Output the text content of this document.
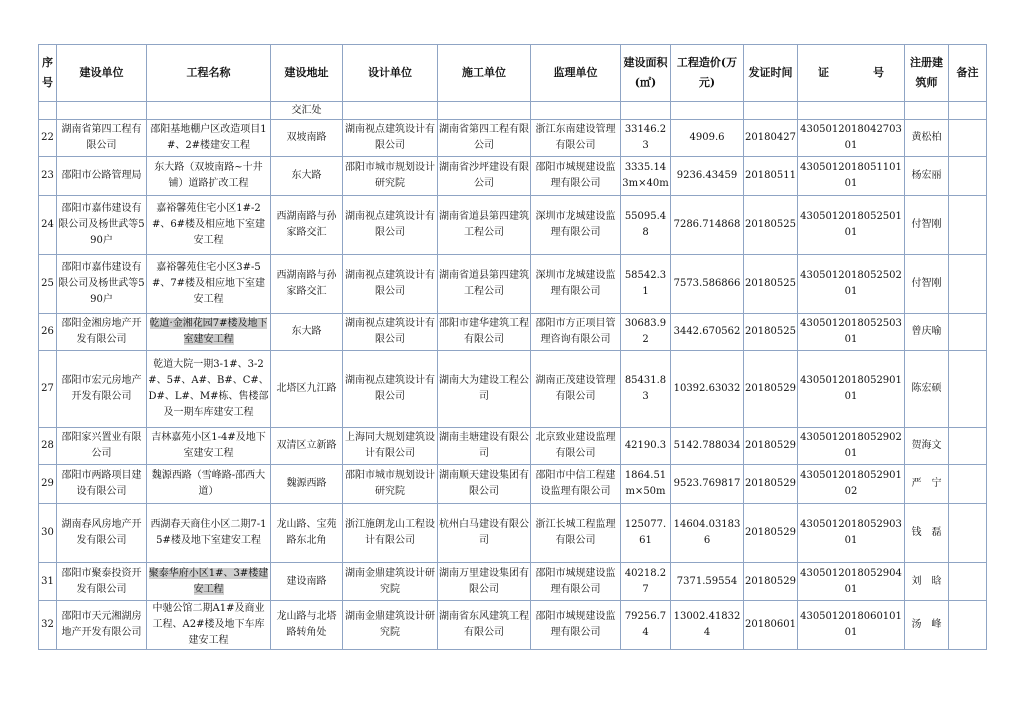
序号	建设单位	工程名称	建设地址	设计单位	施工单位	监理单位	建设面积(㎡)	工程造价(万元)	发证时间	证　　　　号	注册建筑师	备注
			交汇处									
22	湖南省第四工程有限公司	邵阳基地棚户区改造项目1#、2#楼建安工程	双坡南路	湖南视点建筑设计有限公司	湖南省第四工程有限公司	浙江东南建设管理有限公司	33146.23	4909.6	20180427	430501201804270301	黄松柏	
23	邵阳市公路管理局	东大路（双坡南路~十井铺）道路扩改工程	东大路	邵阳市城市规划设计研究院	湖南省沙坪建设有限公司	邵阳市城规建设监理有限公司	3335.143m×40m	9236.43459	20180511	430501201805110101	杨宏丽	
24	邵阳市嘉伟建设有限公司及杨世武等590户	嘉裕馨苑住宅小区1#-2#、6#楼及相应地下室建安工程	西湖南路与孙家路交汇	湖南视点建筑设计有限公司	湖南省道县第四建筑工程公司	深圳市龙城建设监理有限公司	55095.48	7286.714868	20180525	430501201805250101	付智刚	
25	邵阳市嘉伟建设有限公司及杨世武等590户	嘉裕馨苑住宅小区3#-5#、7#楼及相应地下室建安工程	西湖南路与孙家路交汇	湖南视点建筑设计有限公司	湖南省道县第四建筑工程公司	深圳市龙城建设监理有限公司	58542.31	7573.586866	20180525	430501201805250201	付智刚	
26	邵阳金湘房地产开发有限公司	乾道·金湘花园7#楼及地下室建安工程	东大路	湖南视点建筑设计有限公司	邵阳市建华建筑工程有限公司	邵阳市方正项目管理咨询有限公司	30683.92	3442.670562	20180525	430501201805250301	曾庆喻	
27	邵阳市宏元房地产开发有限公司	乾道大院一期3-1#、3-2#、5#、A#、B#、C#、D#、L#、M#栋、售楼部及一期车库建安工程	北塔区九江路	湖南视点建筑设计有限公司	湖南大为建设工程公司	湖南正茂建设管理有限公司	85431.83	10392.63032	20180529	430501201805290101	陈宏硕	
28	邵阳家兴置业有限公司	吉林嘉苑小区1-4#及地下室建安工程	双清区立新路	上海同大规划建筑设计有限公司	湖南圭塘建设有限公司	北京致业建设监理有限公司	42190.3	5142.788034	20180529	430501201805290201	贺海文	
29	邵阳市两路项目建设有限公司	魏源西路（雪峰路-邵西大道）	魏源西路	邵阳市城市规划设计研究院	湖南顺天建设集团有限公司	邵阳市中信工程建设监理有限公司	1864.51m×50m	9523.769817	20180529	430501201805290102	严　宁	
30	湖南春风房地产开发有限公司	西湖春天商住小区二期7-15#楼及地下室建安工程	龙山路、宝苑路东北角	浙江施朗龙山工程设计有限公司	杭州白马建设有限公司	浙江长城工程监理有限公司	125077.61	14604.031836	20180529	430501201805290301	钱　磊	
31	邵阳市聚泰投资开发有限公司	聚泰华府小区1#、3#楼建安工程	建设南路	湖南金鼎建筑设计研究院	湖南万里建设集团有限公司	邵阳市城规建设监理有限公司	40218.27	7371.59554	20180529	430501201805290401	刘　晗	
32	邵阳市天元湘湖房地产开发有限公司	中驰公馆二期A1#及商业工程、A2#楼及地下车库建安工程	龙山路与北塔路转角处	湖南金鼎建筑设计研究院	湖南省东风建筑工程有限公司	邵阳市城规建设监理有限公司	79256.74	13002.418324	20180601	430501201806010101	汤　峰	
